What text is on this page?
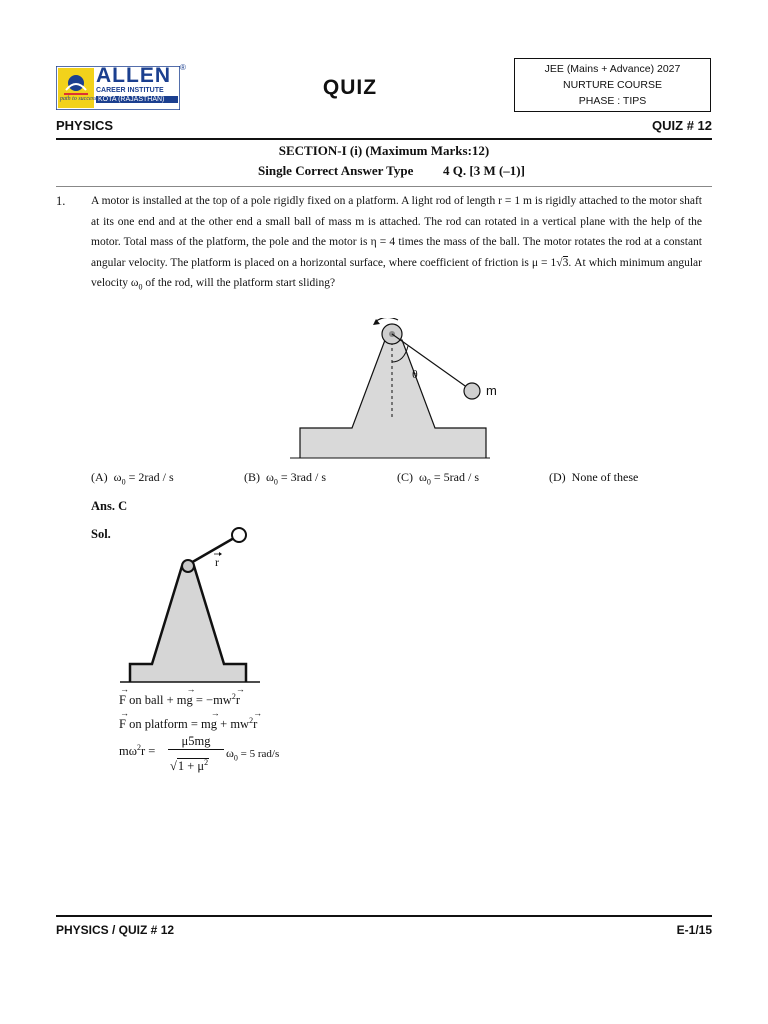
ALLEN ®
CAREER INSTITUTE
KOTA (RAJASTHAN)
path to success	QUIZ
JEE (Mains + Advance) 2027
NURTURE COURSE
PHASE : TIPS
PHYSICS	QUIZ # 12
SECTION-I (i) (Maximum Marks:12)
Single Correct Answer Type 4 Q. [3 M (–1)]
1. A motor is installed at the top of a pole rigidly fixed on a platform. A light rod of length r = 1 m is rigidly attached to the motor shaft at its one end and at the other end a small ball of mass m is attached. The rod can rotated in a vertical plane with the help of the motor. Total mass of the platform, the pole and the motor is η = 4 times the mass of the ball. The motor rotates the rod at a constant angular velocity. The platform is placed on a horizontal surface, where coefficient of friction is μ = 1√3. At which minimum angular velocity $\omega_0$ of the rod, will the platform start sliding?
θ
m
(A) $\omega_0 = 2rad / s$	(B) $\omega_0 = 3rad / s$	(C) $\omega_0 = 5rad / s$	(D) None of these
Ans. C
Sol.
r
→
F on ball + m
→
$g = -mw^2$
→
r
→
F on platform = m
→
$g + mw^2$
→
r
$m\omega^2r$ =
μ5mg
$√1 + \mu^2$
$\omega_0 = 5$ rad/s
PHYSICS / QUIZ # 12	E-1/15
